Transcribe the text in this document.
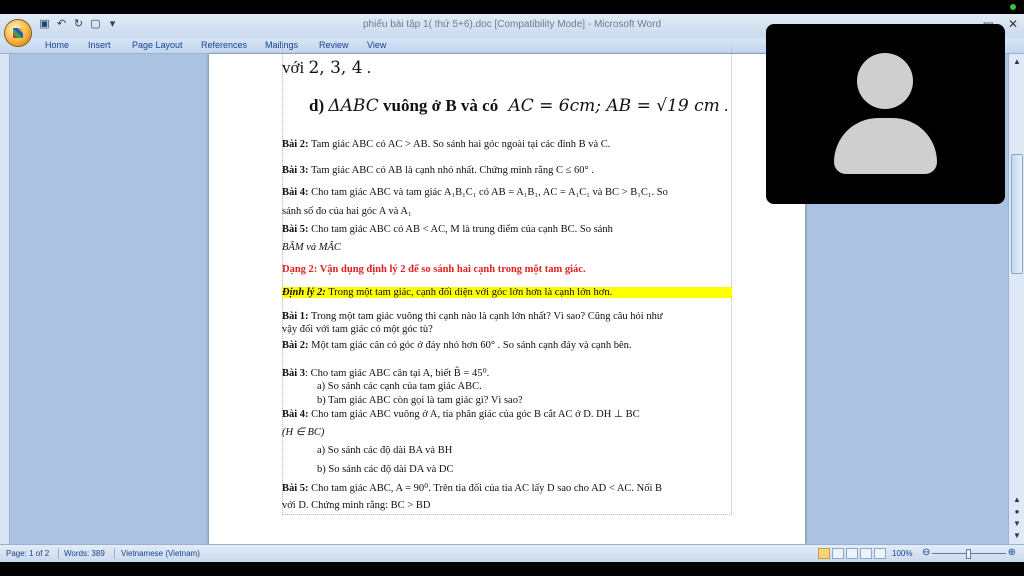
▣ ↶ ↻ ▢ ▾	phiếu bài tập 1( thứ 5+6).doc [Compatibility Mode] - Microsoft Word	✕
Home Insert Page Layout References Mailings Review View
với 2, 3, 4 .
d) ΔABC vuông ở B và có AC = 6cm; AB = √19 cm .
Bài 2: Tam giác ABC có AC > AB. So sánh hai góc ngoài tại các đỉnh B và C.
Bài 3: Tam giác ABC có AB là cạnh nhỏ nhất. Chứng minh rằng C ≤ 60° .
Bài 4: Cho tam giác ABC và tam giác A₁B₁C₁ có AB = A₁B₁, AC = A₁C₁ và BC > B₁C₁. So
sánh số đo của hai góc A và A₁
Bài 5: Cho tam giác ABC có AB < AC, M là trung điểm của cạnh BC. So sánh
BÂM và MÂC
Dạng 2: Vận dụng định lý 2 để so sánh hai cạnh trong một tam giác.
Định lý 2: Trong một tam giác, cạnh đối diện với góc lớn hơn là cạnh lớn hơn.
Bài 1: Trong một tam giác vuông thì cạnh nào là cạnh lớn nhất? Vì sao? Cũng câu hỏi như
vậy đối với tam giác có một góc tù?
Bài 2: Một tam giác cân có góc ở đáy nhỏ hơn 60° . So sánh cạnh đáy và cạnh bên.
Bài 3: Cho tam giác ABC cân tại A, biết B̂ = 45⁰.
a) So sánh các cạnh của tam giác ABC.
b) Tam giác ABC còn gọi là tam giác gì? Vì sao?
Bài 4: Cho tam giác ABC vuông ở A, tia phân giác của góc B cắt AC ở D. DH ⊥ BC
(H ∈ BC)
a) So sánh các độ dài BA và BH
b) So sánh các độ dài DA và DC
Bài 5: Cho tam giác ABC, A = 90⁰. Trên tia đối của tia AC lấy D sao cho AD < AC. Nối B
với D. Chứng minh rằng: BC > BD
▲
▲
●
▼
▼
Page: 1 of 2 Words: 389 Vietnamese (Vietnam)	100% ⊖	⊕
